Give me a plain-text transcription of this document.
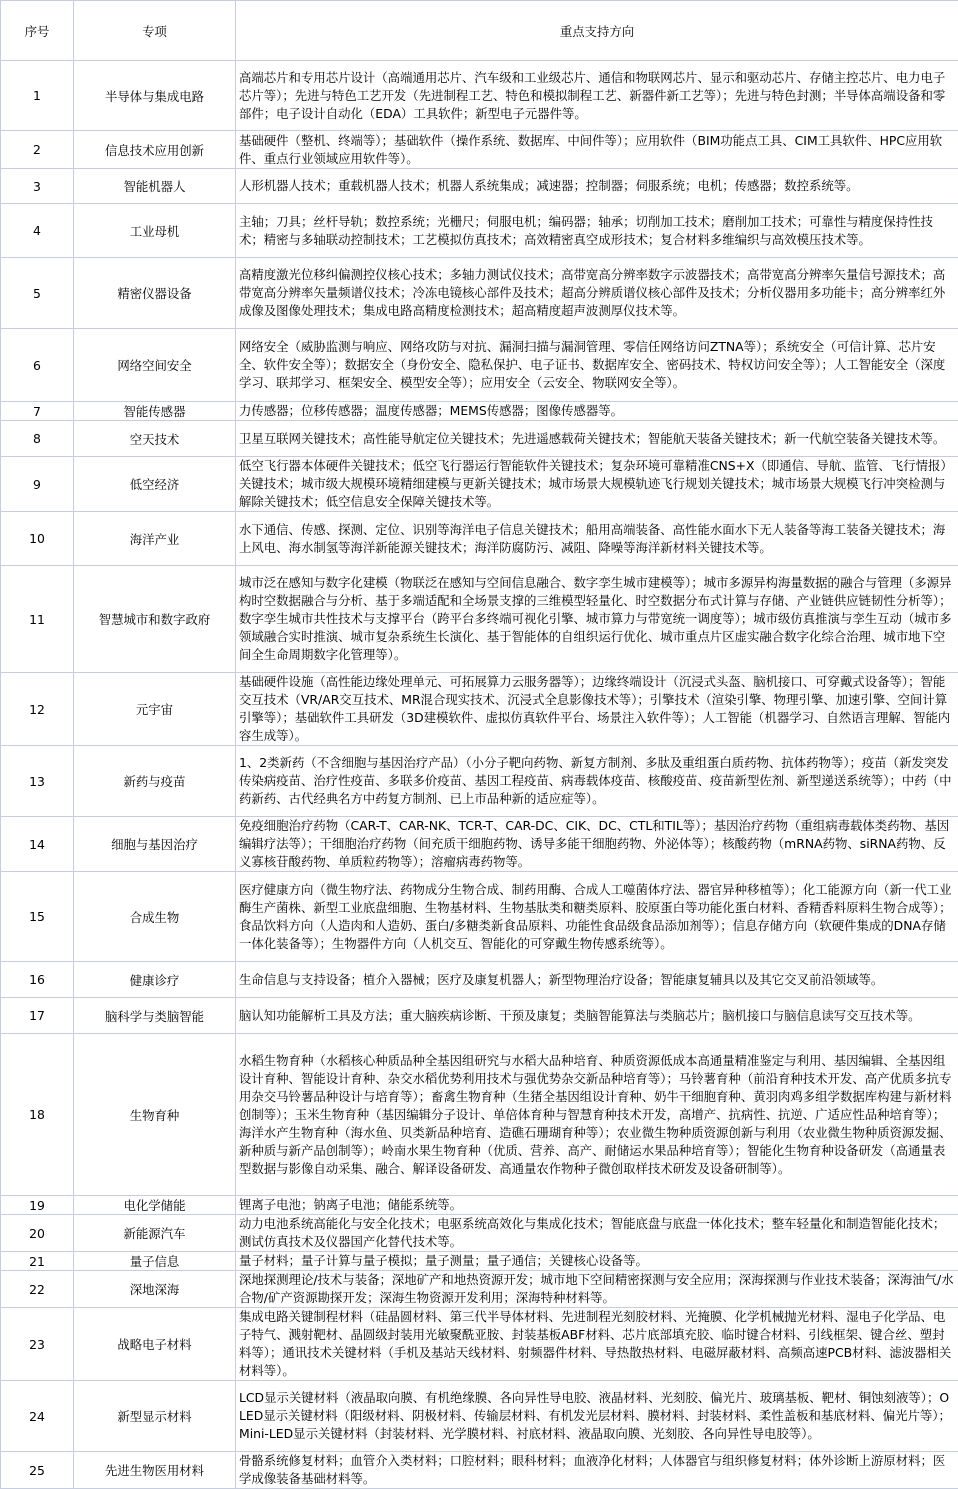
序号	专项	重点支持方向
1	半导体与集成电路	高端芯片和专用芯片设计（高端通用芯片、汽车级和工业级芯片、通信和物联网芯片、显示和驱动芯片、存储主控芯片、电力电子芯片等）；先进与特色工艺开发（先进制程工艺、特色和模拟制程工艺、新器件新工艺等）；先进与特色封测；半导体高端设备和零部件；电子设计自动化（EDA）工具软件；新型电子元器件等。
2	信息技术应用创新	基础硬件（整机、终端等）；基础软件（操作系统、数据库、中间件等）；应用软件（BIM功能点工具、CIM工具软件、HPC应用软件、重点行业领域应用软件等）。
3	智能机器人	人形机器人技术；重载机器人技术；机器人系统集成；减速器；控制器；伺服系统；电机；传感器；数控系统等。
4	工业母机	主轴；刀具；丝杆导轨；数控系统；光栅尺；伺服电机；编码器；轴承；切削加工技术；磨削加工技术；可靠性与精度保持性技术；精密与多轴联动控制技术；工艺模拟仿真技术；高效精密真空成形技术；复合材料多维编织与高效模压技术等。
5	精密仪器设备	高精度激光位移纠偏测控仪核心技术；多轴力测试仪技术；高带宽高分辨率数字示波器技术；高带宽高分辨率矢量信号源技术；高带宽高分辨率矢量频谱仪技术；冷冻电镜核心部件及技术；超高分辨质谱仪核心部件及技术；分析仪器用多功能卡；高分辨率红外成像及图像处理技术；集成电路高精度检测技术；超高精度超声波测厚仪技术等。
6	网络空间安全	网络安全（威胁监测与响应、网络攻防与对抗、漏洞扫描与漏洞管理、零信任网络访问ZTNA等）；系统安全（可信计算、芯片安全、软件安全等）；数据安全（身份安全、隐私保护、电子证书、数据库安全、密码技术、特权访问安全等）；人工智能安全（深度学习、联邦学习、框架安全、模型安全等）；应用安全（云安全、物联网安全等）。
7	智能传感器	力传感器；位移传感器；温度传感器；MEMS传感器；图像传感器等。
8	空天技术	卫星互联网关键技术；高性能导航定位关键技术；先进遥感载荷关键技术；智能航天装备关键技术；新一代航空装备关键技术等。
9	低空经济	低空飞行器本体硬件关键技术；低空飞行器运行智能软件关键技术；复杂环境可靠精准CNS+X（即通信、导航、监管、飞行情报）关键技术；城市级大规模环境精细建模与更新关键技术；城市场景大规模轨迹飞行规划关键技术；城市场景大规模飞行冲突检测与解除关键技术；低空信息安全保障关键技术等。
10	海洋产业	水下通信、传感、探测、定位、识别等海洋电子信息关键技术；船用高端装备、高性能水面水下无人装备等海工装备关键技术；海上风电、海水制氢等海洋新能源关键技术；海洋防腐防污、减阻、降噪等海洋新材料关键技术等。
11	智慧城市和数字政府	城市泛在感知与数字化建模（物联泛在感知与空间信息融合、数字孪生城市建模等）；城市多源异构海量数据的融合与管理（多源异构时空数据融合与分析、基于多端适配和全场景支撑的三维模型轻量化、时空数据分布式计算与存储、产业链供应链韧性分析等）；数字孪生城市共性技术与支撑平台（跨平台多终端可视化引擎、城市算力与带宽统一调度等）；城市级仿真推演与孪生互动（城市多领域融合实时推演、城市复杂系统生长演化、基于智能体的自组织运行优化、城市重点片区虚实融合数字化综合治理、城市地下空间全生命周期数字化管理等）。
12	元宇宙	基础硬件设施（高性能边缘处理单元、可拓展算力云服务器等）；边缘终端设计（沉浸式头盔、脑机接口、可穿戴式设备等）；智能交互技术（VR/AR交互技术、MR混合现实技术、沉浸式全息影像技术等）；引擎技术（渲染引擎、物理引擎、加速引擎、空间计算引擎等）；基础软件工具研发（3D建模软件、虚拟仿真软件平台、场景注入软件等）；人工智能（机器学习、自然语言理解、智能内容生成等）。
13	新药与疫苗	1、2类新药（不含细胞与基因治疗产品）（小分子靶向药物、新复方制剂、多肽及重组蛋白质药物、抗体药物等）；疫苗（新发突发传染病疫苗、治疗性疫苗、多联多价疫苗、基因工程疫苗、病毒载体疫苗、核酸疫苗、疫苗新型佐剂、新型递送系统等）；中药（中药新药、古代经典名方中药复方制剂、已上市品种新的适应症等）。
14	细胞与基因治疗	免疫细胞治疗药物（CAR-T、CAR-NK、TCR-T、CAR-DC、CIK、DC、CTL和TIL等）；基因治疗药物（重组病毒载体类药物、基因编辑疗法等）；干细胞治疗药物（间充质干细胞药物、诱导多能干细胞药物、外泌体等）；核酸药物（mRNA药物、siRNA药物、反义寡核苷酸药物、单质粒药物等）；溶瘤病毒药物等。
15	合成生物	医疗健康方向（微生物疗法、药物成分生物合成、制药用酶、合成人工噬菌体疗法、器官异种移植等）；化工能源方向（新一代工业酶生产菌株、新型工业底盘细胞、生物基材料、生物基肽类和糖类原料、胶原蛋白等功能化蛋白材料、香精香料原料生物合成等）；食品饮料方向（人造肉和人造奶、蛋白/多糖类新食品原料、功能性食品级食品添加剂等）；信息存储方向（软硬件集成的DNA存储一体化装备等）；生物器件方向（人机交互、智能化的可穿戴生物传感系统等）。
16	健康诊疗	生命信息与支持设备；植介入器械；医疗及康复机器人；新型物理治疗设备；智能康复辅具以及其它交叉前沿领域等。
17	脑科学与类脑智能	脑认知功能解析工具及方法；重大脑疾病诊断、干预及康复；类脑智能算法与类脑芯片；脑机接口与脑信息读写交互技术等。
18	生物育种	水稻生物育种（水稻核心种质品种全基因组研究与水稻大品种培育、种质资源低成本高通量精准鉴定与利用、基因编辑、全基因组设计育种、智能设计育种、杂交水稻优势利用技术与强优势杂交新品种培育等）；马铃薯育种（前沿育种技术开发、高产优质多抗专用杂交马铃薯品种设计与培育等）；畜禽生物育种（生猪全基因组设计育种、奶牛干细胞育种、黄羽肉鸡多组学数据库构建与新材料创制等）；玉米生物育种（基因编辑分子设计、单倍体育种与智慧育种技术开发，高增产、抗病性、抗逆、广适应性品种培育等）；海洋水产生物育种（海水鱼、贝类新品种培育、造礁石珊瑚育种等）；农业微生物种质资源创新与利用（农业微生物种质资源发掘、新种质与新产品创制等）；岭南水果生物育种（优质、营养、高产、耐储运水果品种培育等）；智能化生物育种设备研发（高通量表型数据与影像自动采集、融合、解译设备研发、高通量农作物种子微创取样技术研发及设备研制等）。
19	电化学储能	锂离子电池；钠离子电池；储能系统等。
20	新能源汽车	动力电池系统高能化与安全化技术；电驱系统高效化与集成化技术；智能底盘与底盘一体化技术；整车轻量化和制造智能化技术；测试仿真技术及仪器国产化替代技术等。
21	量子信息	量子材料；量子计算与量子模拟；量子测量；量子通信；关键核心设备等。
22	深地深海	深地探测理论/技术与装备；深地矿产和地热资源开发；城市地下空间精密探测与安全应用；深海探测与作业技术装备；深海油气/水合物/矿产资源勘探开发；深海生物资源开发利用；深海特种材料等。
23	战略电子材料	集成电路关键制程材料（硅晶圆材料、第三代半导体材料、先进制程光刻胶材料、光掩膜、化学机械抛光材料、湿电子化学品、电子特气、溅射靶材、晶圆级封装用光敏聚酰亚胺、封装基板ABF材料、芯片底部填充胶、临时键合材料、引线框架、键合丝、塑封料等）；通讯技术关键材料（手机及基站天线材料、射频器件材料、导热散热材料、电磁屏蔽材料、高频高速PCB材料、滤波器相关材料等）。
24	新型显示材料	LCD显示关键材料（液晶取向膜、有机绝缘膜、各向异性导电胶、液晶材料、光刻胶、偏光片、玻璃基板、靶材、铜蚀刻液等）；OLED显示关键材料（阳级材料、阴极材料、传输层材料、有机发光层材料、膜材料、封装材料、柔性盖板和基底材料、偏光片等）；Mini-LED显示关键材料（封装材料、光学膜材料、衬底材料、液晶取向膜、光刻胶、各向异性导电胶等）。
25	先进生物医用材料	骨骼系统修复材料；血管介入类材料；口腔材料；眼科材料；血液净化材料；人体器官与组织修复材料；体外诊断上游原材料；医学成像装备基础材料等。
